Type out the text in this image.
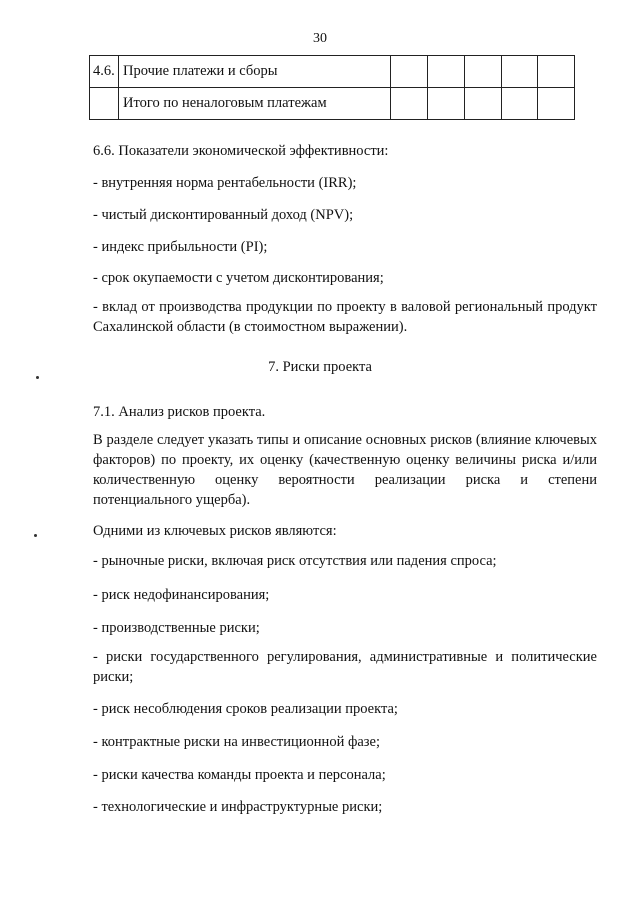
30
4.6.	Прочие платежи и сборы					
	Итого по неналоговым платежам					

6.6. Показатели экономической эффективности:

- внутренняя норма рентабельности (IRR);

- чистый дисконтированный доход (NPV);

- индекс прибыльности (PI);

- срок окупаемости с учетом дисконтирования;

- вклад от производства продукции по проекту в валовой региональный продукт Сахалинской области (в стоимостном выражении).

7. Риски проекта

7.1. Анализ рисков проекта.

В разделе следует указать типы и описание основных рисков (влияние ключевых факторов) по проекту, их оценку (качественную оценку величины риска и/или количественную оценку вероятности реализации риска и степени потенциального ущерба).

Одними из ключевых рисков являются:

- рыночные риски, включая риск отсутствия или падения спроса;

- риск недофинансирования;

- производственные риски;

- риски государственного регулирования, административные и политические риски;

- риск несоблюдения сроков реализации проекта;

- контрактные риски на инвестиционной фазе;

- риски качества команды проекта и персонала;

- технологические и инфраструктурные риски;
